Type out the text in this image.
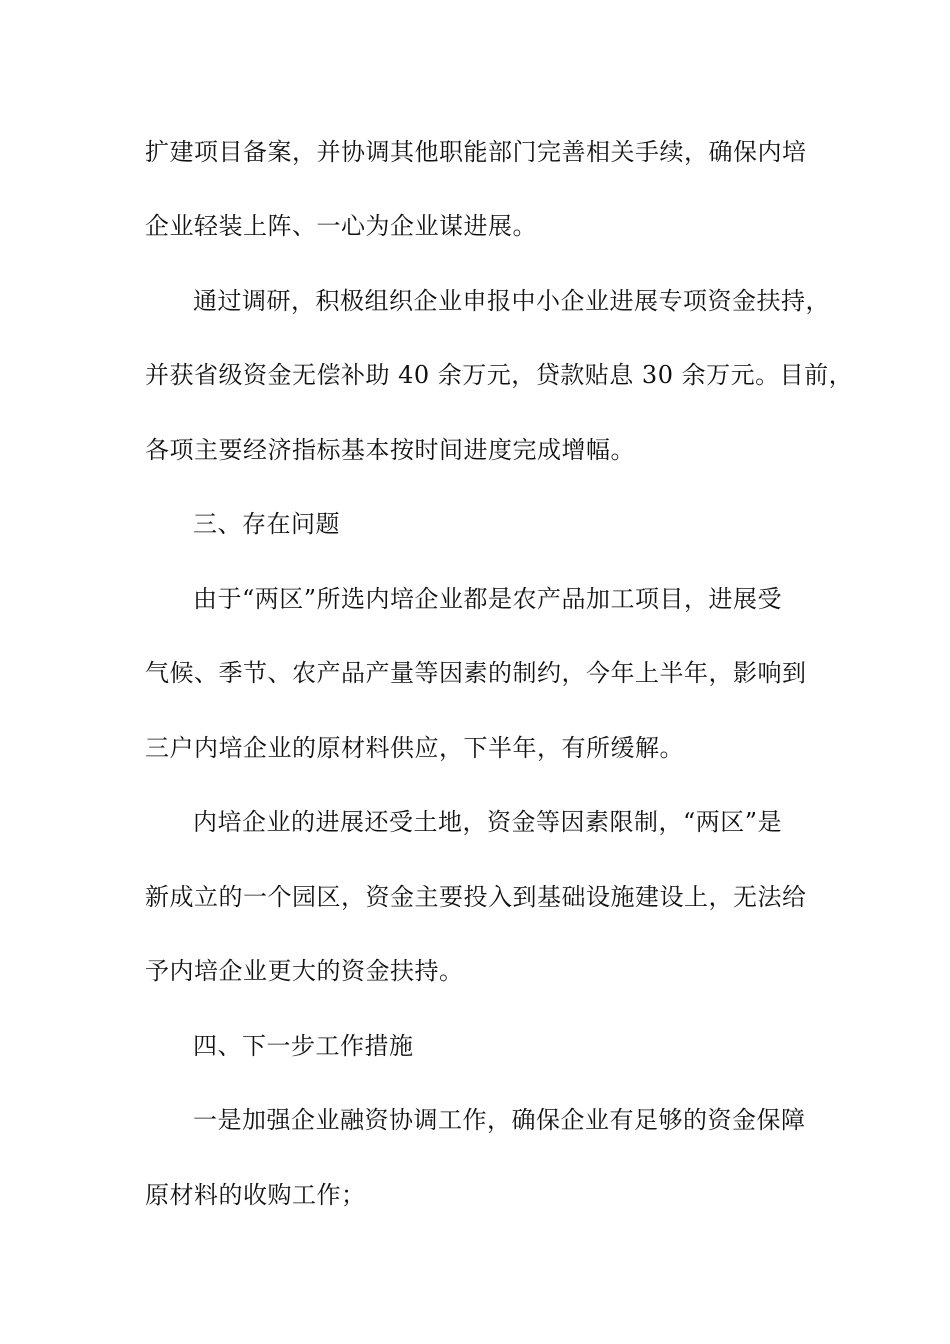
扩建项目备案，并协调其他职能部门完善相关手续，确保内培
企业轻装上阵、一心为企业谋进展。
通过调研，积极组织企业申报中小企业进展专项资金扶持，
并获省级资金无偿补助 40 余万元，贷款贴息 30 余万元。目前，
各项主要经济指标基本按时间进度完成增幅。
三、存在问题
由于“两区”所选内培企业都是农产品加工项目，进展受
气候、季节、农产品产量等因素的制约，今年上半年，影响到
三户内培企业的原材料供应，下半年，有所缓解。
内培企业的进展还受土地，资金等因素限制，“两区”是
新成立的一个园区，资金主要投入到基础设施建设上，无法给
予内培企业更大的资金扶持。
四、下一步工作措施
一是加强企业融资协调工作，确保企业有足够的资金保障
原材料的收购工作；
